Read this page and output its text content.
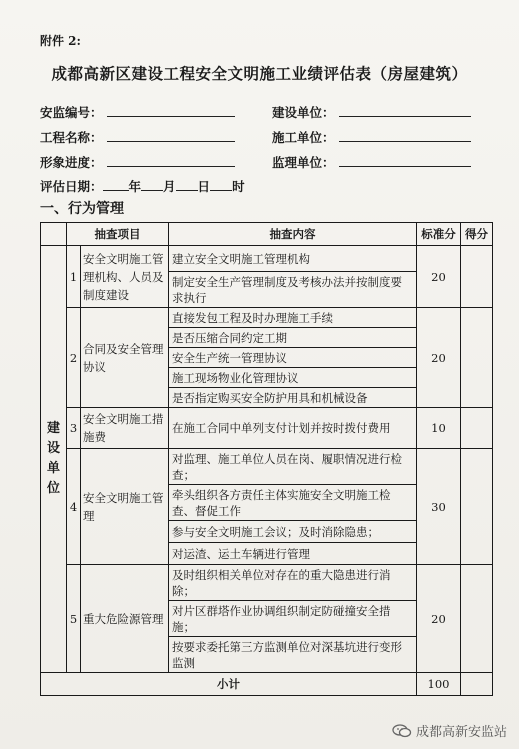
附件 2:
成都高新区建设工程安全文明施工业绩评估表（房屋建筑）
安监编号：
工程名称：
形象进度：
建设单位：
施工单位：
监理单位：
评估日期： 年 月 日 时
一、行为管理
	抽查项目		抽查内容	标准分	得分

建
设
单
位	1	安全文明施工管理机构、人员及制度建设	建立安全文明施工管理机构	20	
			制定安全生产管理制度及考核办法并按制度要求执行		
	2	合同及安全管理协议	直接发包工程及时办理施工手续	20	
			是否压缩合同约定工期		
			安全生产统一管理协议		
			施工现场物业化管理协议		
			是否指定购买安全防护用具和机械设备		
	3	安全文明施工措施费	在施工合同中单列支付计划并按时拨付费用	10	
	4	安全文明施工管理	对监理、施工单位人员在岗、履职情况进行检查；	30	
			牵头组织各方责任主体实施安全文明施工检查、督促工作		
			参与安全文明施工会议；及时消除隐患；		
			对运渣、运土车辆进行管理		
	5	重大危险源管理	及时组织相关单位对存在的重大隐患进行消除；	20	
			对片区群塔作业协调组织制定防碰撞安全措施；		
			按要求委托第三方监测单位对深基坑进行变形监测		
小计				100	
成都高新安监站
